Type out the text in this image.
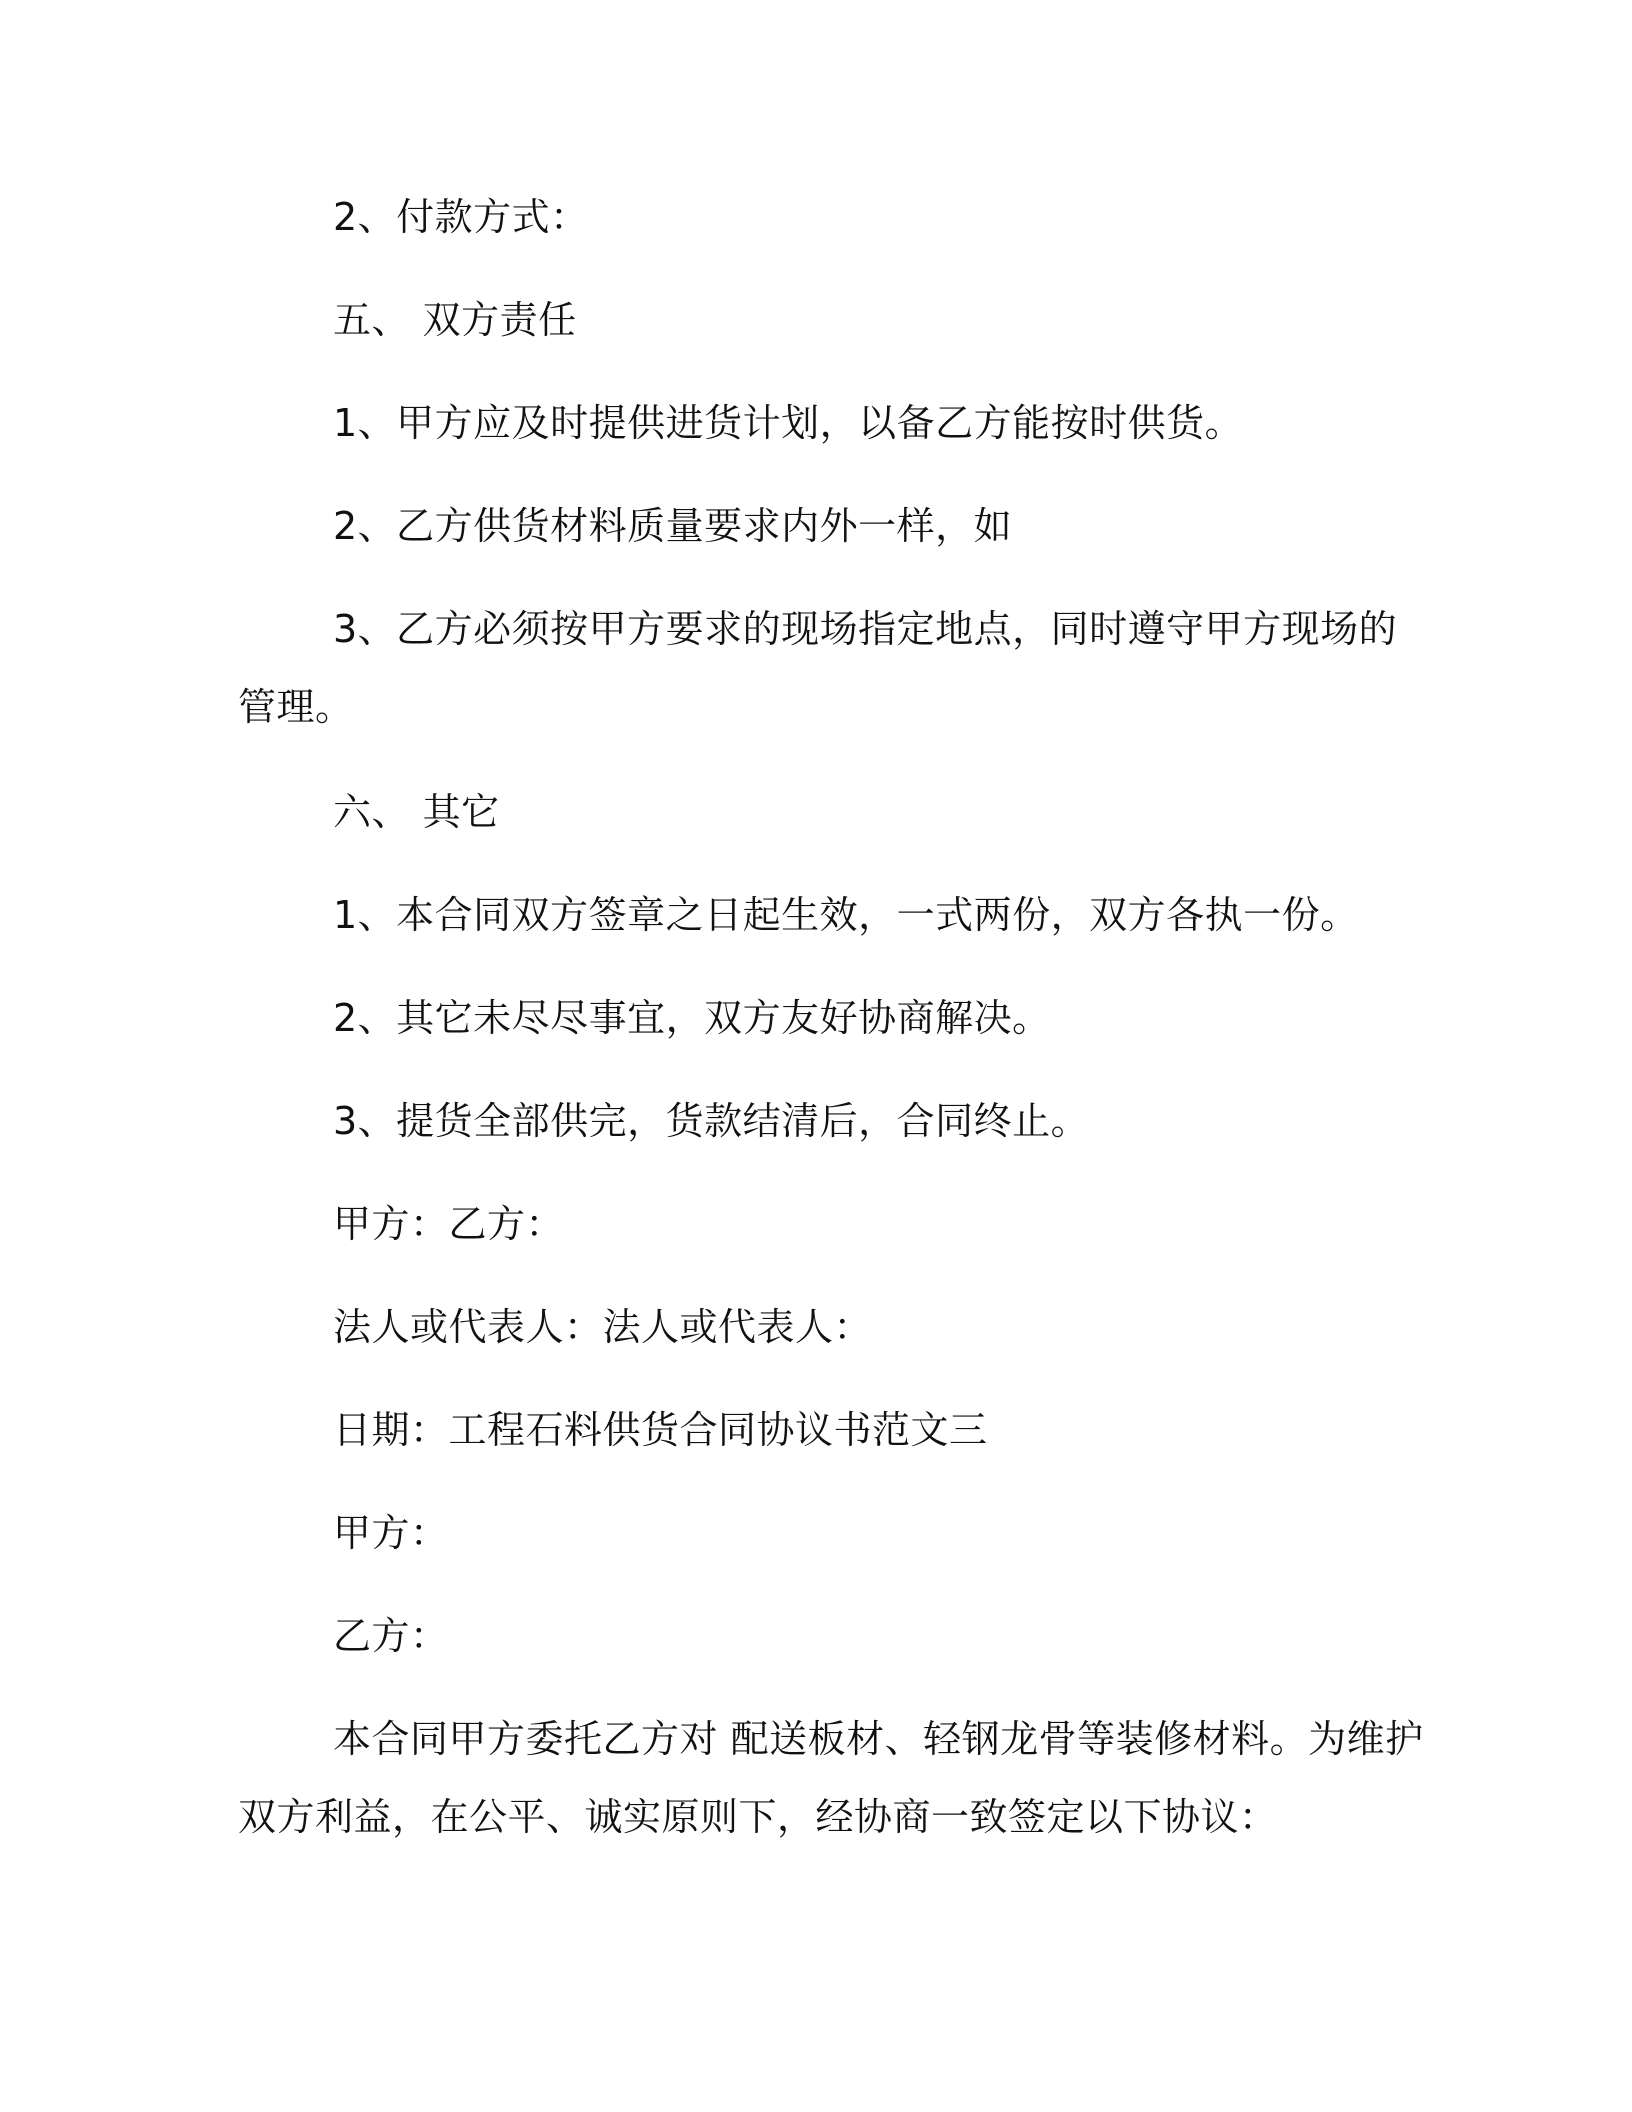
2、付款方式：
五、 双方责任
1、甲方应及时提供进货计划，以备乙方能按时供货。
2、乙方供货材料质量要求内外一样，如
3、乙方必须按甲方要求的现场指定地点，同时遵守甲方现场的
管理。
六、 其它
1、本合同双方签章之日起生效，一式两份，双方各执一份。
2、其它未尽尽事宜，双方友好协商解决。
3、提货全部供完，货款结清后，合同终止。
甲方：乙方：
法人或代表人：法人或代表人：
日期：工程石料供货合同协议书范文三
甲方：
乙方：
本合同甲方委托乙方对 配送板材、轻钢龙骨等装修材料。为维护
双方利益，在公平、诚实原则下，经协商一致签定以下协议：
